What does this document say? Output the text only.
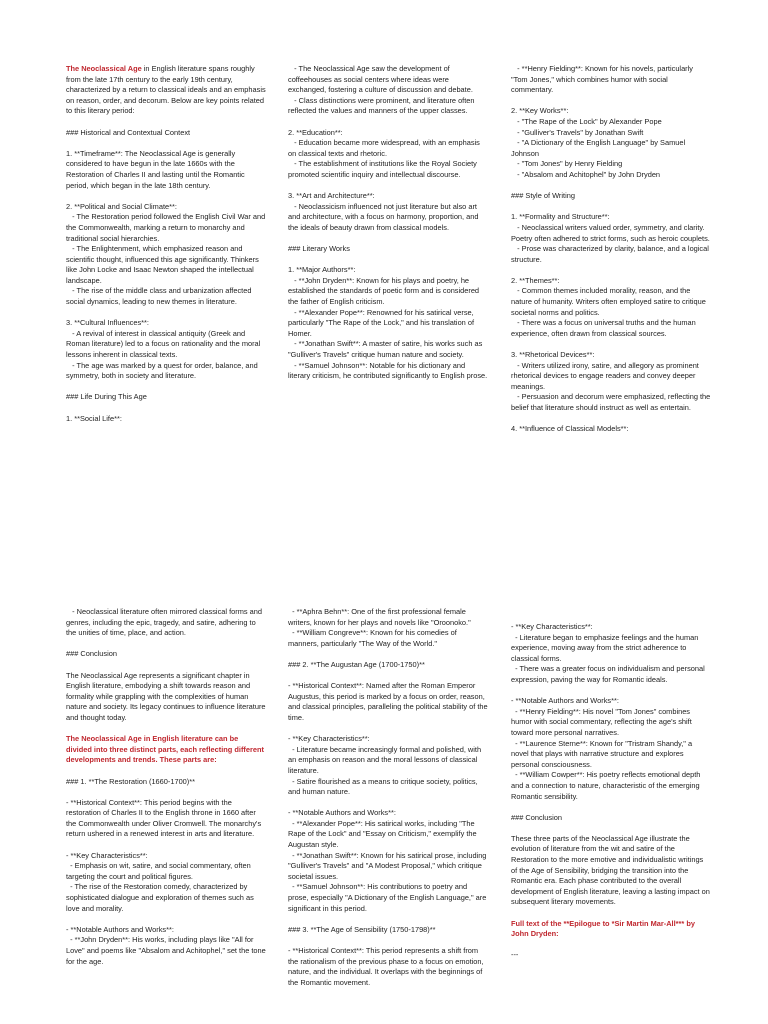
The Neoclassical Age in English literature spans roughly from the late 17th century to the early 19th century, characterized by a return to classical ideals and an emphasis on reason, order, and decorum. Below are key points related to this literary period:

### Historical and Contextual Context

1. **Timeframe**: The Neoclassical Age is generally considered to have begun in the late 1660s with the Restoration of Charles II and lasting until the Romantic period, which began in the late 18th century.

2. **Political and Social Climate**:

- The Restoration period followed the English Civil War and the Commonwealth, marking a return to monarchy and traditional social hierarchies.

- The Enlightenment, which emphasized reason and scientific thought, influenced this age significantly. Thinkers like John Locke and Isaac Newton shaped the intellectual landscape.

- The rise of the middle class and urbanization affected social dynamics, leading to new themes in literature.

3. **Cultural Influences**:

- A revival of interest in classical antiquity (Greek and Roman literature) led to a focus on rationality and the moral lessons inherent in classical texts.

- The age was marked by a quest for order, balance, and symmetry, both in society and literature.

### Life During This Age

1. **Social Life**:

- The Neoclassical Age saw the development of coffeehouses as social centers where ideas were exchanged, fostering a culture of discussion and debate.

- Class distinctions were prominent, and literature often reflected the values and manners of the upper classes.

2. **Education**:

- Education became more widespread, with an emphasis on classical texts and rhetoric.

- The establishment of institutions like the Royal Society promoted scientific inquiry and intellectual discourse.

3. **Art and Architecture**:

- Neoclassicism influenced not just literature but also art and architecture, with a focus on harmony, proportion, and the ideals of beauty drawn from classical models.

### Literary Works

1. **Major Authors**:

- **John Dryden**: Known for his plays and poetry, he established the standards of poetic form and is considered the father of English criticism.

- **Alexander Pope**: Renowned for his satirical verse, particularly "The Rape of the Lock," and his translation of Homer.

- **Jonathan Swift**: A master of satire, his works such as "Gulliver's Travels" critique human nature and society.

- **Samuel Johnson**: Notable for his dictionary and literary criticism, he contributed significantly to English prose.

- **Henry Fielding**: Known for his novels, particularly "Tom Jones," which combines humor with social commentary.

2. **Key Works**:

- "The Rape of the Lock" by Alexander Pope

- "Gulliver's Travels" by Jonathan Swift

- "A Dictionary of the English Language" by Samuel Johnson

- "Tom Jones" by Henry Fielding

- "Absalom and Achitophel" by John Dryden

### Style of Writing

1. **Formality and Structure**:

- Neoclassical writers valued order, symmetry, and clarity. Poetry often adhered to strict forms, such as heroic couplets.

- Prose was characterized by clarity, balance, and a logical structure.

2. **Themes**:

- Common themes included morality, reason, and the nature of humanity. Writers often employed satire to critique societal norms and politics.

- There was a focus on universal truths and the human experience, often drawn from classical sources.

3. **Rhetorical Devices**:

- Writers utilized irony, satire, and allegory as prominent rhetorical devices to engage readers and convey deeper meanings.

- Persuasion and decorum were emphasized, reflecting the belief that literature should instruct as well as entertain.

4. **Influence of Classical Models**:

- Neoclassical literature often mirrored classical forms and genres, including the epic, tragedy, and satire, adhering to the unities of time, place, and action.

### Conclusion

The Neoclassical Age represents a significant chapter in English literature, embodying a shift towards reason and formality while grappling with the complexities of human nature and society. Its legacy continues to influence literature and thought today.

The Neoclassical Age in English literature can be divided into three distinct parts, each reflecting different developments and trends. These parts are:

### 1. **The Restoration (1660-1700)**

- **Historical Context**: This period begins with the restoration of Charles II to the English throne in 1660 after the Commonwealth under Oliver Cromwell. The monarchy's return ushered in a renewed interest in arts and literature.

- **Key Characteristics**:

- Emphasis on wit, satire, and social commentary, often targeting the court and political figures.

- The rise of the Restoration comedy, characterized by sophisticated dialogue and exploration of themes such as love and morality.

- **Notable Authors and Works**:

- **John Dryden**: His works, including plays like "All for Love" and poems like "Absalom and Achitophel," set the tone for the age.

- **Aphra Behn**: One of the first professional female writers, known for her plays and novels like "Oroonoko."

- **William Congreve**: Known for his comedies of manners, particularly "The Way of the World."

### 2. **The Augustan Age (1700-1750)**

- **Historical Context**: Named after the Roman Emperor Augustus, this period is marked by a focus on order, reason, and classical principles, paralleling the political stability of the time.

- **Key Characteristics**:

- Literature became increasingly formal and polished, with an emphasis on reason and the moral lessons of classical literature.

- Satire flourished as a means to critique society, politics, and human nature.

- **Notable Authors and Works**:

- **Alexander Pope**: His satirical works, including "The Rape of the Lock" and "Essay on Criticism," exemplify the Augustan style.

- **Jonathan Swift**: Known for his satirical prose, including "Gulliver's Travels" and "A Modest Proposal," which critique societal issues.

- **Samuel Johnson**: His contributions to poetry and prose, especially "A Dictionary of the English Language," are significant in this period.

### 3. **The Age of Sensibility (1750-1798)**

- **Historical Context**: This period represents a shift from the rationalism of the previous phase to a focus on emotion, nature, and the individual. It overlaps with the beginnings of the Romantic movement.

- **Key Characteristics**:

- Literature began to emphasize feelings and the human experience, moving away from the strict adherence to classical forms.

- There was a greater focus on individualism and personal expression, paving the way for Romantic ideals.

- **Notable Authors and Works**:

- **Henry Fielding**: His novel "Tom Jones" combines humor with social commentary, reflecting the age's shift toward more personal narratives.

- **Laurence Sterne**: Known for "Tristram Shandy," a novel that plays with narrative structure and explores personal consciousness.

- **William Cowper**: His poetry reflects emotional depth and a connection to nature, characteristic of the emerging Romantic sensibility.

### Conclusion

These three parts of the Neoclassical Age illustrate the evolution of literature from the wit and satire of the Restoration to the more emotive and individualistic writings of the Age of Sensibility, bridging the transition into the Romantic era. Each phase contributed to the overall development of English literature, leaving a lasting impact on subsequent literary movements.

Full text of the **Epilogue to *Sir Martin Mar-All*** by John Dryden:

---
